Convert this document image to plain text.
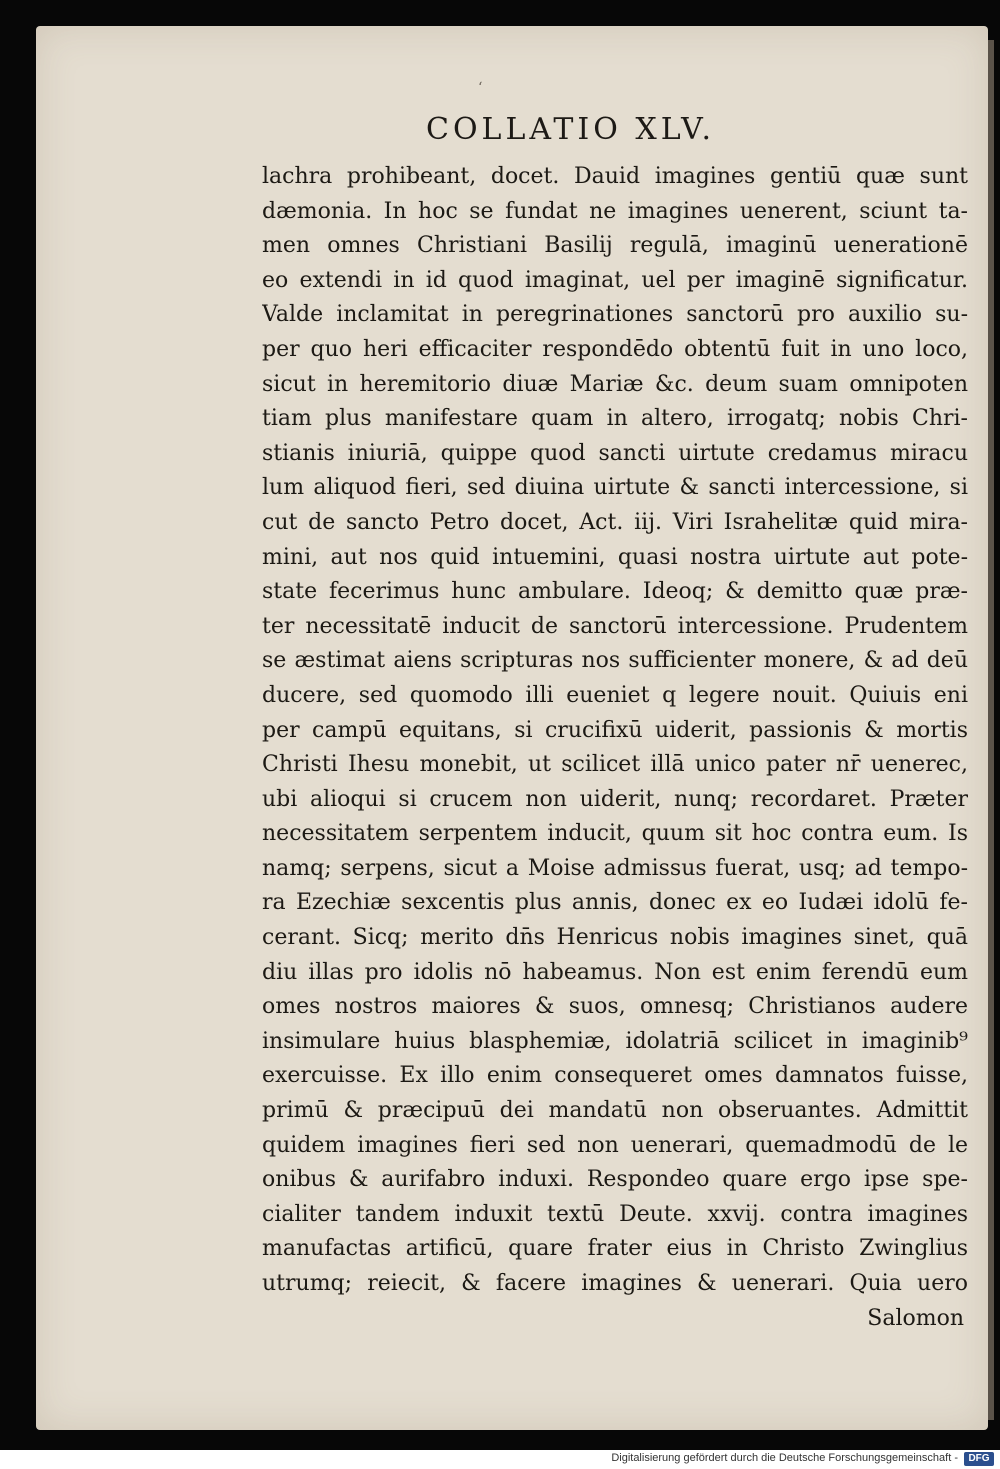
‘
COLLATIO XLV.
lachra prohibeant, docet. Dauid imagines gentiū quæ sunt
dæmonia. In hoc se fundat ne imagines uenerent, sciunt ta-
men omnes Christiani Basilij regulā, imaginū uenerationē
eo extendi in id quod imaginat, uel per imaginē significatur.
Valde inclamitat in peregrinationes sanctorū pro auxilio su-
per quo heri efficaciter respondēdo obtentū fuit in uno loco,
sicut in heremitorio diuæ Mariæ &c. deum suam omnipoten
tiam plus manifestare quam in altero, irrogatq; nobis Chri-
stianis iniuriā, quippe quod sancti uirtute credamus miracu
lum aliquod fieri, sed diuina uirtute & sancti intercessione, si
cut de sancto Petro docet, Act. iij. Viri Israhelitæ quid mira-
mini, aut nos quid intuemini, quasi nostra uirtute aut pote-
state fecerimus hunc ambulare. Ideoq; & demitto quæ præ-
ter necessitatē inducit de sanctorū intercessione. Prudentem
se æstimat aiens scripturas nos sufficienter monere, & ad deū
ducere, sed quomodo illi eueniet q legere nouit. Quiuis eni
per campū equitans, si crucifixū uiderit, passionis & mortis
Christi Ihesu monebit, ut scilicet illā unico pater nr̄ uenerec,
ubi alioqui si crucem non uiderit, nunq; recordaret. Præter
necessitatem serpentem inducit, quum sit hoc contra eum. Is
namq; serpens, sicut a Moise admissus fuerat, usq; ad tempo-
ra Ezechiæ sexcentis plus annis, donec ex eo Iudæi idolū fe-
cerant. Sicq; merito dn̄s Henricus nobis imagines sinet, quā
diu illas pro idolis nō habeamus. Non est enim ferendū eum
omes nostros maiores & suos, omnesq; Christianos audere
insimulare huius blasphemiæ, idolatriā scilicet in imaginib⁹
exercuisse. Ex illo enim consequeret omes damnatos fuisse,
primū & præcipuū dei mandatū non obseruantes. Admittit
quidem imagines fieri sed non uenerari, quemadmodū de le
onibus & aurifabro induxi. Respondeo quare ergo ipse spe-
cialiter tandem induxit textū Deute. xxvij. contra imagines
manufactas artificū, quare frater eius in Christo Zwinglius
utrumq; reiecit, & facere imagines & uenerari. Quia uero
Salomon
Digitalisierung gefördert durch die Deutsche Forschungsgemeinschaft -	DFG
